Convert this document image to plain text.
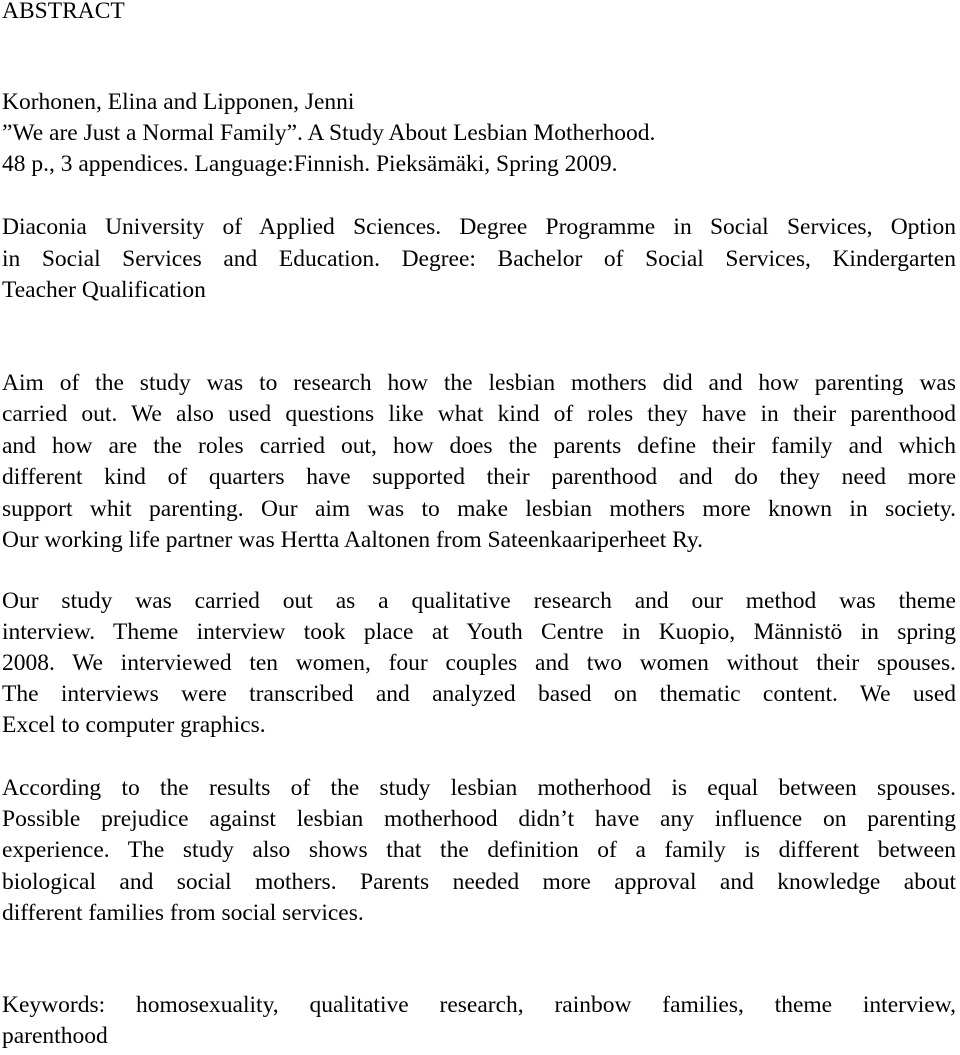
ABSTRACT

Korhonen, Elina and Lipponen, Jenni

”We are Just a Normal Family”. A Study About Lesbian Motherhood.

48 p., 3 appendices. Language:Finnish. Pieksämäki, Spring 2009.

Diaconia University of Applied Sciences. Degree Programme in Social Services, Option

in Social Services and Education. Degree: Bachelor of Social Services, Kindergarten

Teacher Qualification

Aim of the study was to research how the lesbian mothers did and how parenting was

carried out. We also used questions like what kind of roles they have in their parenthood

and how are the roles carried out, how does the parents define their family and which

different kind of quarters have supported their parenthood and do they need more

support whit parenting. Our aim was to make lesbian mothers more known in society.

Our working life partner was Hertta Aaltonen from Sateenkaariperheet Ry.

Our study was carried out as a qualitative research and our method was theme

interview. Theme interview took place at Youth Centre in Kuopio, Männistö in spring

2008. We interviewed ten women, four couples and two women without their spouses.

The interviews were transcribed and analyzed based on thematic content. We used

Excel to computer graphics.

According to the results of the study lesbian motherhood is equal between spouses.

Possible prejudice against lesbian motherhood didn’t have any influence on parenting

experience. The study also shows that the definition of a family is different between

biological and social mothers. Parents needed more approval and knowledge about

different families from social services.

Keywords: homosexuality, qualitative research, rainbow families, theme interview,

parenthood
